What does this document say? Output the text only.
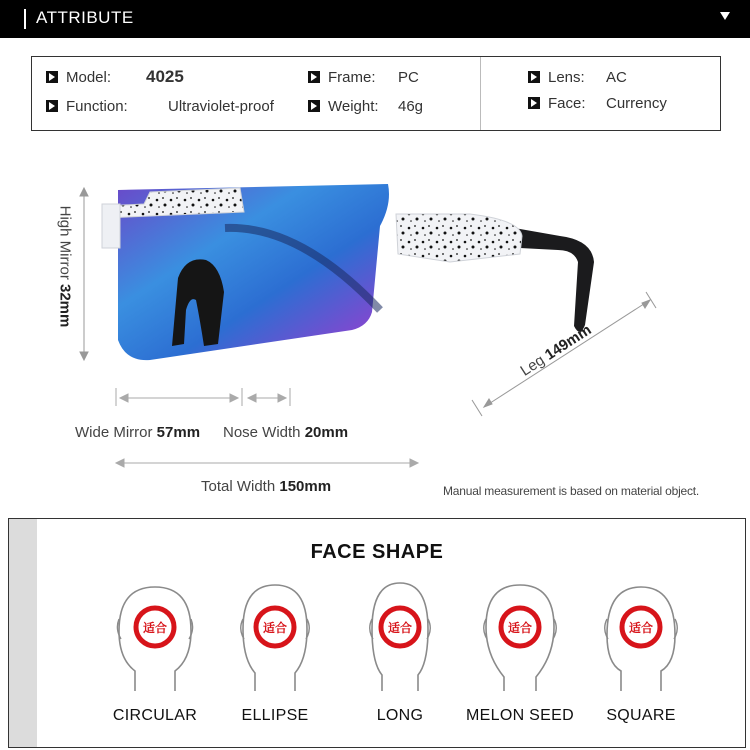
ATTRIBUTE
Model: 4025
Function:	Ultraviolet-proof
Frame: PC
Weight: 46g
Lens: AC
Face: Currency
High Mirror 32mm
Wide Mirror 57mm Nose Width 20mm
Total Width 150mm
Leg 149mm
Manual measurement is based on material object.
FACE SHAPE
适合
CIRCULAR
适合
ELLIPSE
适合
LONG
适合
MELON SEED
适合
SQUARE
